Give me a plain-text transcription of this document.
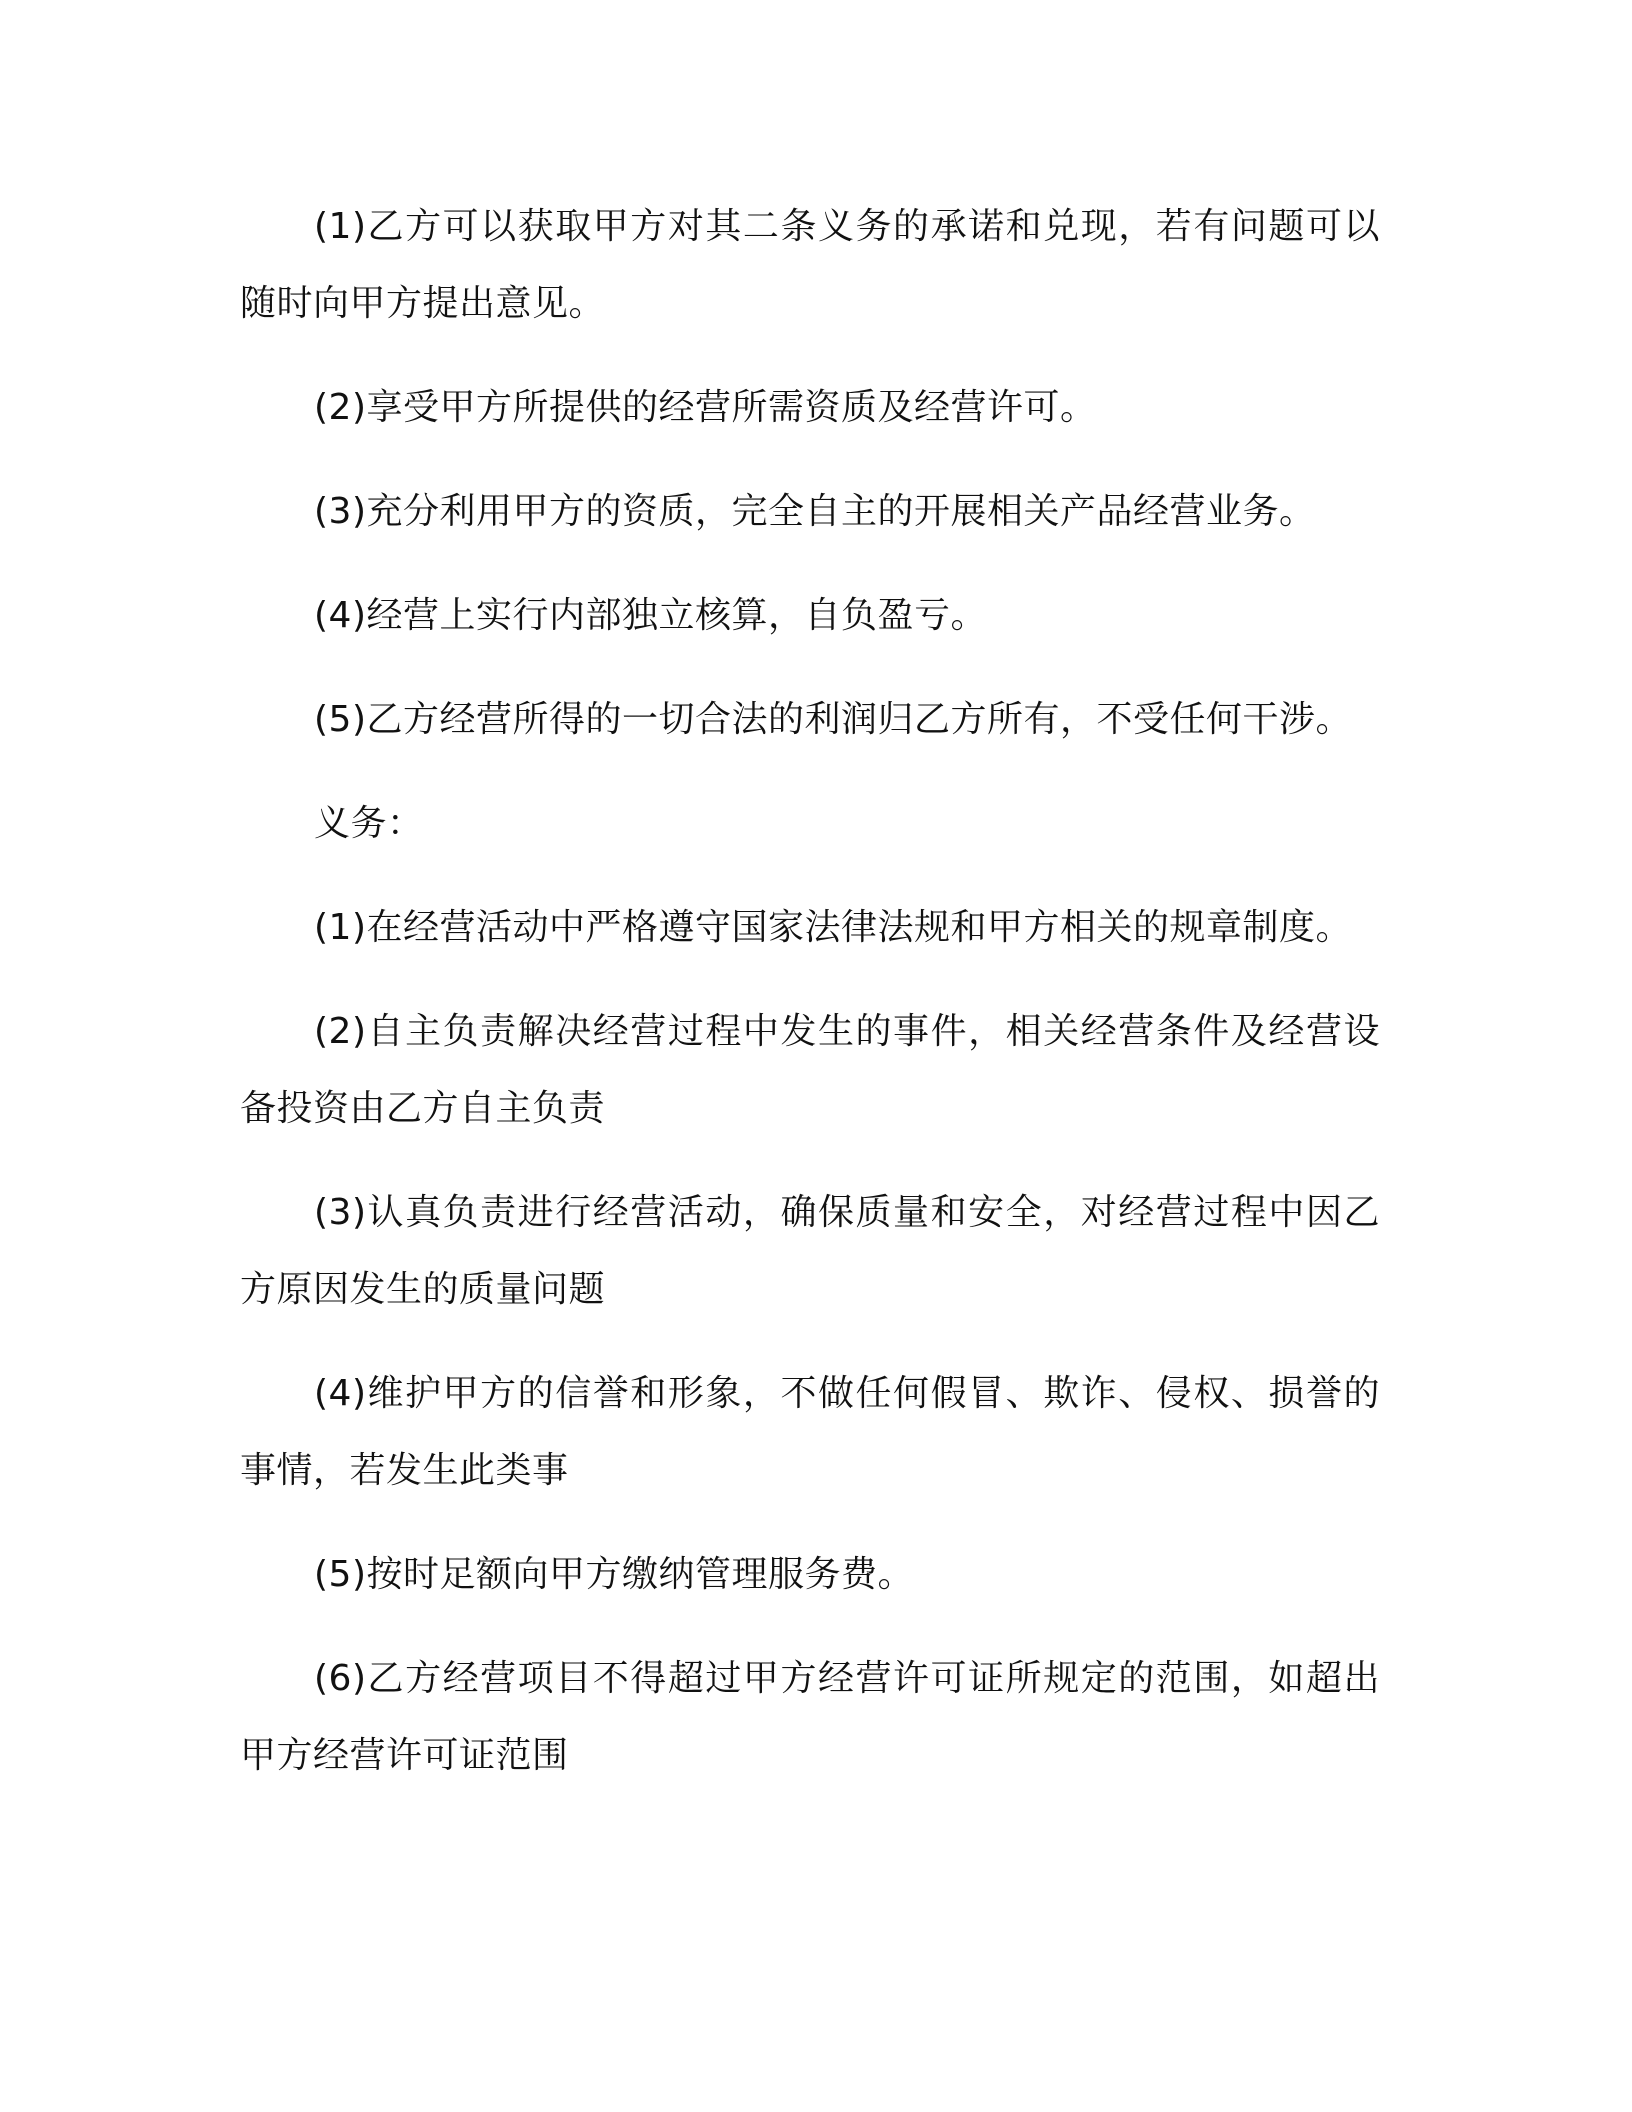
(1)乙方可以获取甲方对其二条义务的承诺和兑现，若有问题可以随时向甲方提出意见。

(2)享受甲方所提供的经营所需资质及经营许可。

(3)充分利用甲方的资质，完全自主的开展相关产品经营业务。

(4)经营上实行内部独立核算，自负盈亏。

(5)乙方经营所得的一切合法的利润归乙方所有，不受任何干涉。

义务：

(1)在经营活动中严格遵守国家法律法规和甲方相关的规章制度。

(2)自主负责解决经营过程中发生的事件，相关经营条件及经营设备投资由乙方自主负责

(3)认真负责进行经营活动，确保质量和安全，对经营过程中因乙方原因发生的质量问题

(4)维护甲方的信誉和形象，不做任何假冒、欺诈、侵权、损誉的事情，若发生此类事

(5)按时足额向甲方缴纳管理服务费。

(6)乙方经营项目不得超过甲方经营许可证所规定的范围，如超出甲方经营许可证范围
